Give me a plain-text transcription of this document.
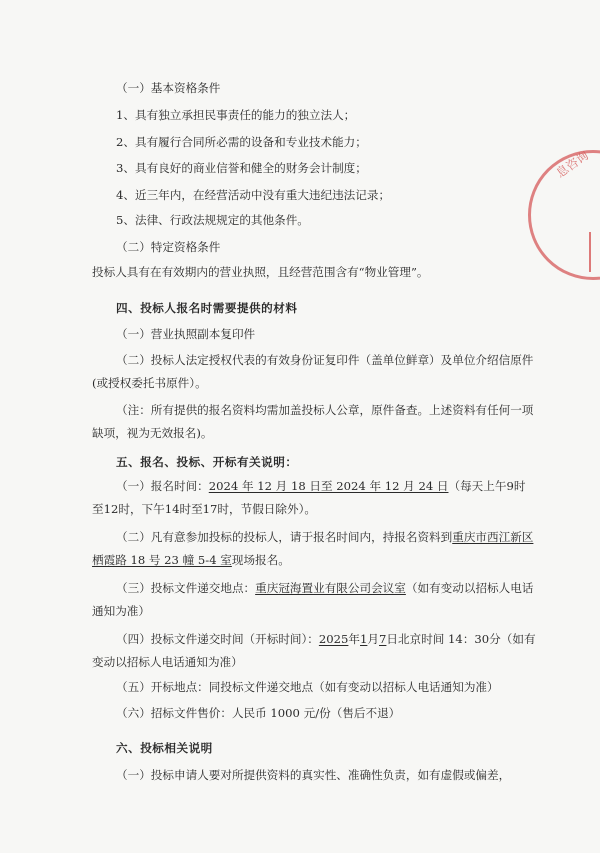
（一）基本资格条件
1、具有独立承担民事责任的能力的独立法人；
2、具有履行合同所必需的设备和专业技术能力；
3、具有良好的商业信誉和健全的财务会计制度；
4、近三年内，在经营活动中没有重大违纪违法记录；
5、法律、行政法规规定的其他条件。
（二）特定资格条件
投标人具有在有效期内的营业执照，且经营范围含有“物业管理”。
四、投标人报名时需要提供的材料
（一）营业执照副本复印件
（二）投标人法定授权代表的有效身份证复印件（盖单位鲜章）及单位介绍信原件(或授权委托书原件）。
（注：所有提供的报名资料均需加盖投标人公章，原件备查。上述资料有任何一项缺项，视为无效报名)。
五、报名、投标、开标有关说明：
（一）报名时间：2024 年 12 月 18 日至 2024 年 12 月 24 日（每天上午9时至12时，下午14时至17时，节假日除外）。
（二）凡有意参加投标的投标人，请于报名时间内，持报名资料到重庆市西江新区栖霞路 18 号 23 幢 5-4 室现场报名。
（三）投标文件递交地点：重庆冠海置业有限公司会议室（如有变动以招标人电话通知为准）
（四）投标文件递交时间（开标时间）：2025年1月7日北京时间 14：30分（如有变动以招标人电话通知为准）
（五）开标地点：同投标文件递交地点（如有变动以招标人电话通知为准）
（六）招标文件售价：人民币 1000 元/份（售后不退）
六、投标相关说明
（一）投标申请人要对所提供资料的真实性、准确性负责，如有虚假或偏差，
息咨询
